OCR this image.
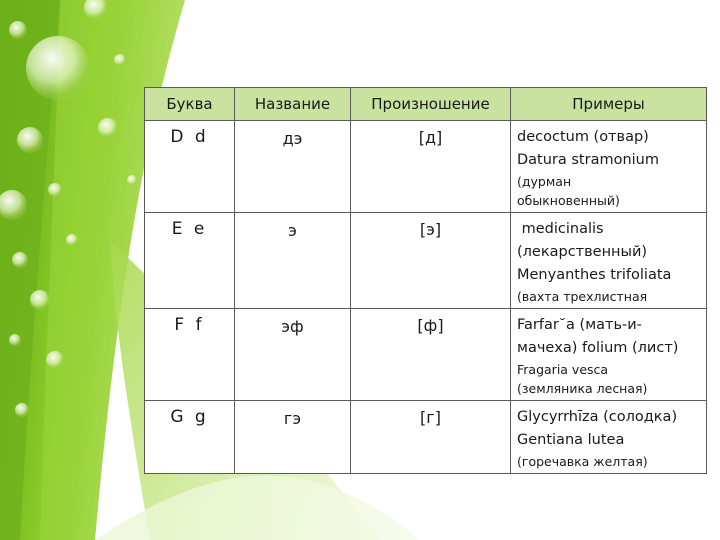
Буква	Название	Произношение	Примеры
D d	дэ	[д]	decoctum (отвар)
Datura stramonium
(дурман
обыкновенный)

E e	э	[э]	medicinalis
(лекарственный)
Menyanthes trifoliata
(вахта трехлистная

F f	эф	[ф]	Farfar˘a (мать-и-
мачеха) folium (лист)
Fragaria vesca
(земляника лесная)

G g	гэ	[г]	Glycyrrhīza (солодка)
Gentiana lutea
(горечавка желтая)
